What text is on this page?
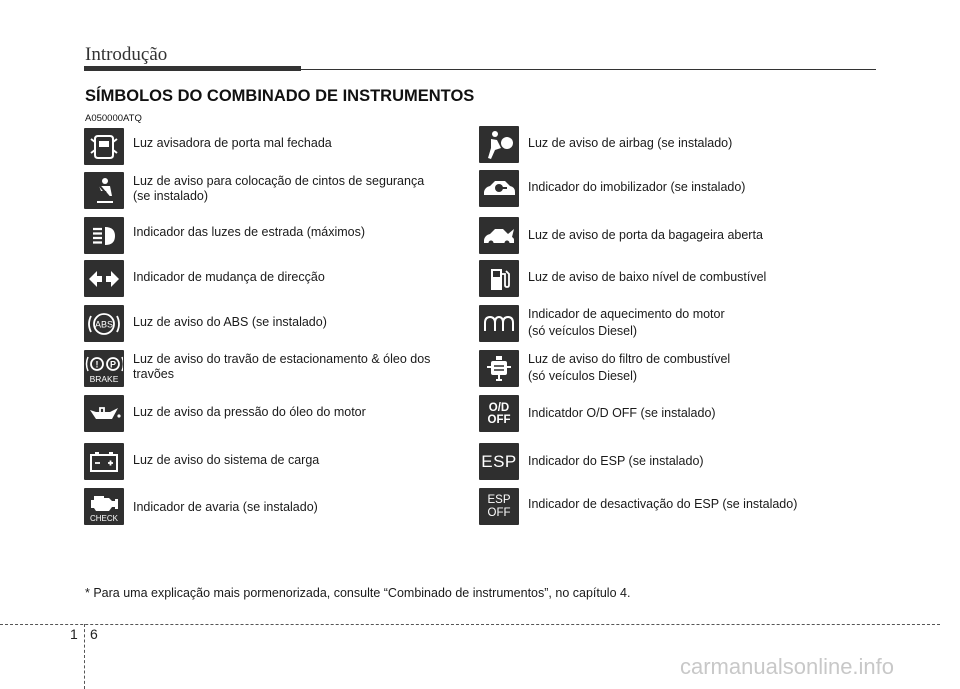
Introdução
SÍMBOLOS DO COMBINADO DE INSTRUMENTOS
A050000ATQ
Luz avisadora de porta mal fechada
Luz de aviso para colocação de cintos de segurança
(se instalado)
Indicador das luzes de estrada (máximos)
Indicador de mudança de direcção
ABS Luz de aviso do ABS (se instalado)
! P
BRAKE
Luz de aviso do travão de estacionamento & óleo dos
travões
Luz de aviso da pressão do óleo do motor
Luz de aviso do sistema de carga
CHECK
Indicador de avaria (se instalado)
Luz de aviso de airbag (se instalado)
Indicador do imobilizador (se instalado)
Luz de aviso de porta da bagageira aberta
Luz de aviso de baixo nível de combustível
Indicador de aquecimento do motor
(só veículos Diesel)
Luz de aviso do filtro de combustível
(só veículos Diesel)
O/D OFF	Indicatdor O/D OFF (se instalado)
ESP Indicador do ESP (se instalado)
ESP OFF
Indicador de desactivação do ESP (se instalado)
* Para uma explicação mais pormenorizada, consulte “Combinado de instrumentos”, no capítulo 4.
1 6
carmanualsonline.info
